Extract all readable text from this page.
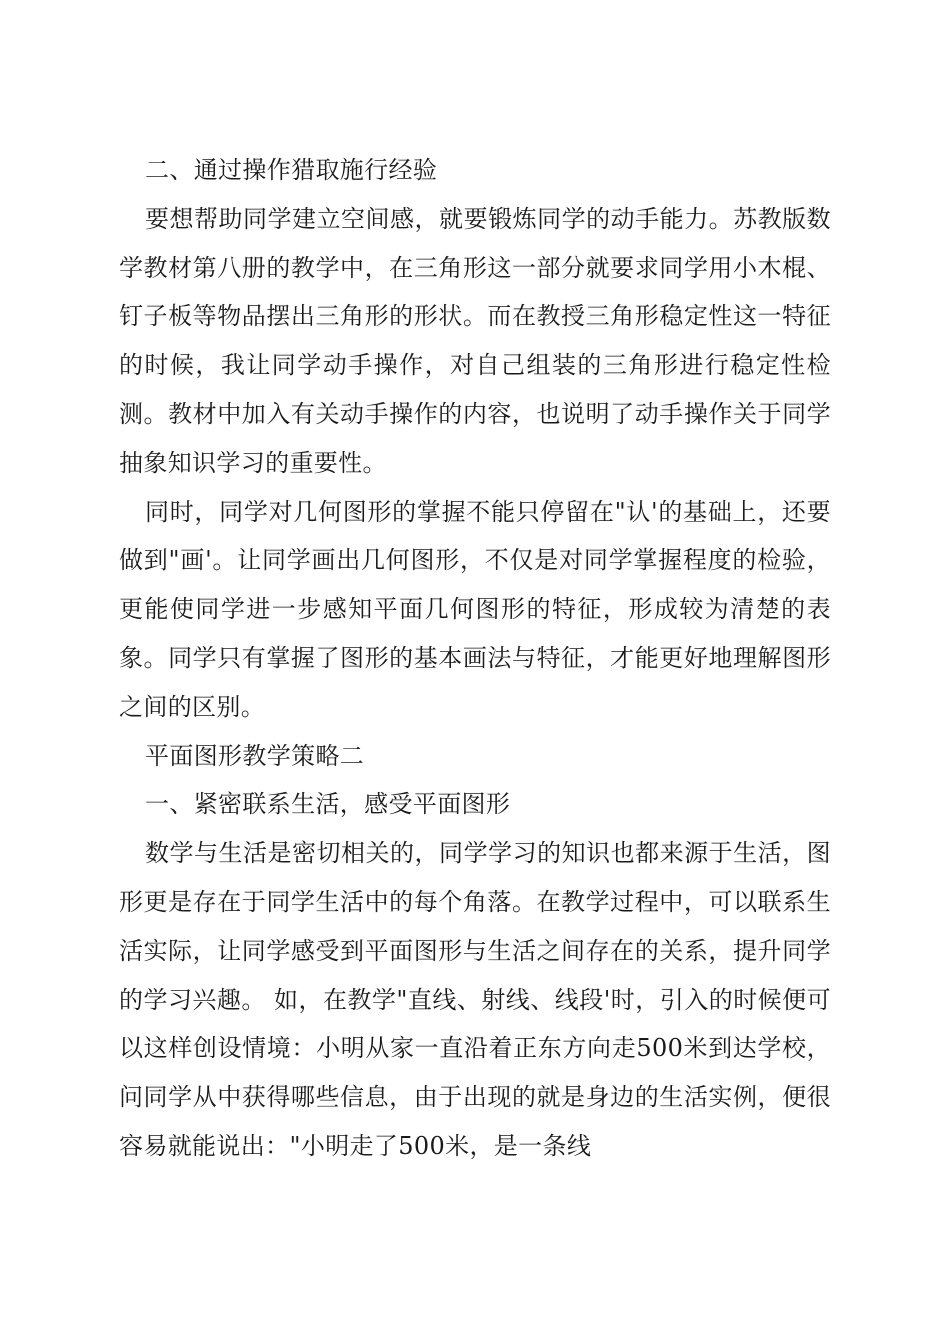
二、通过操作猎取施行经验

要想帮助同学建立空间感，就要锻炼同学的动手能力。苏教版数学教材第八册的教学中，在三角形这一部分就要求同学用小木棍、钉子板等物品摆出三角形的形状。而在教授三角形稳定性这一特征的时候，我让同学动手操作，对自己组装的三角形进行稳定性检测。教材中加入有关动手操作的内容，也说明了动手操作关于同学抽象知识学习的重要性。

同时，同学对几何图形的掌握不能只停留在"认'的基础上，还要做到"画'。让同学画出几何图形，不仅是对同学掌握程度的检验，更能使同学进一步感知平面几何图形的特征，形成较为清楚的表象。同学只有掌握了图形的基本画法与特征，才能更好地理解图形之间的区别。

平面图形教学策略二

一、紧密联系生活，感受平面图形

数学与生活是密切相关的，同学学习的知识也都来源于生活，图形更是存在于同学生活中的每个角落。在教学过程中，可以联系生活实际，让同学感受到平面图形与生活之间存在的关系，提升同学的学习兴趣。 如，在教学"直线、射线、线段'时，引入的时候便可以这样创设情境：小明从家一直沿着正东方向走500米到达学校，问同学从中获得哪些信息，由于出现的就是身边的生活实例，便很容易就能说出："小明走了500米，是一条线
